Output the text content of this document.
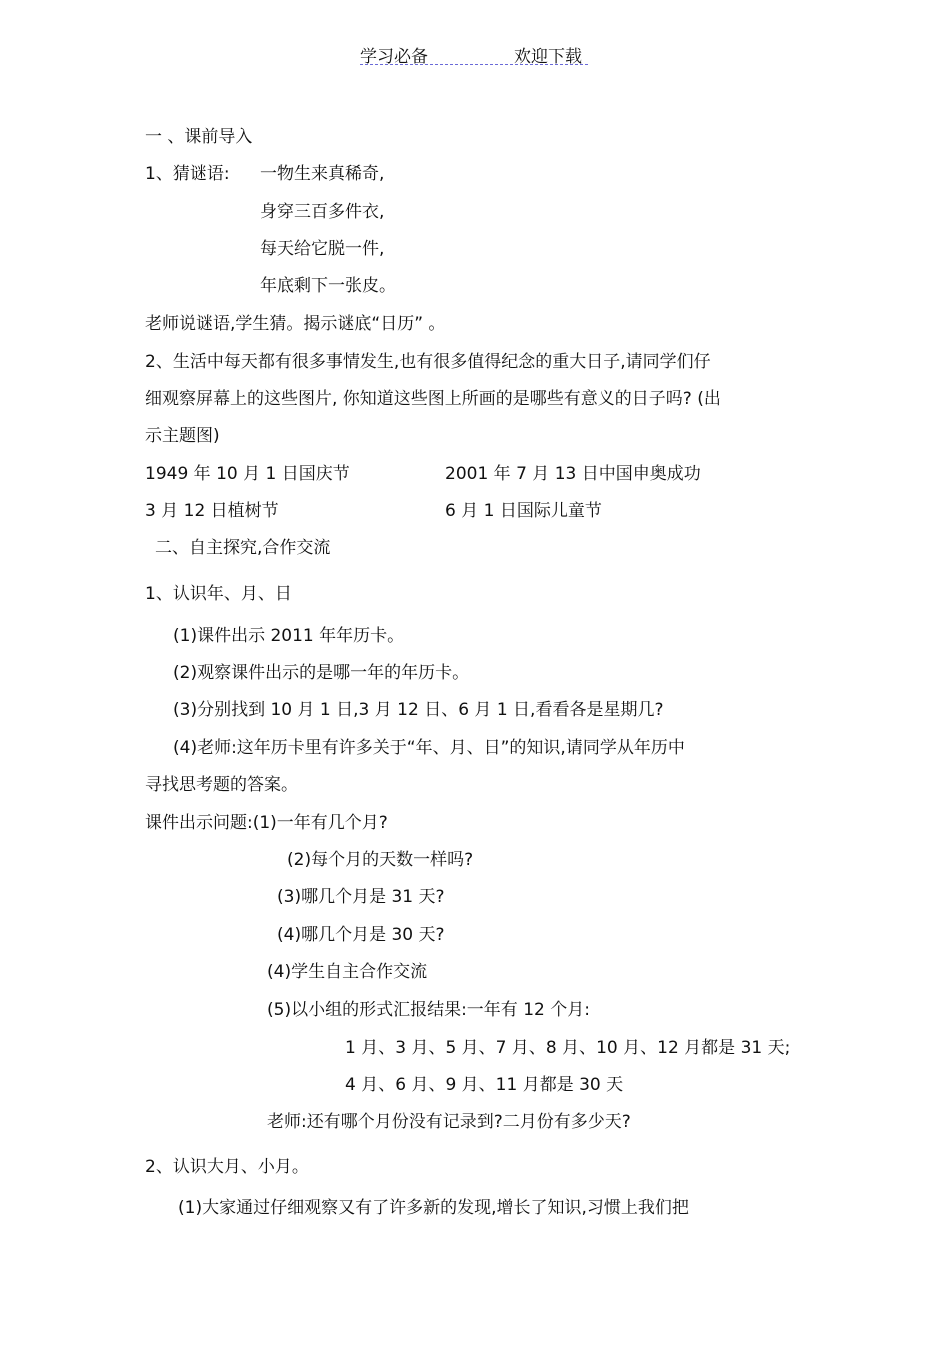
学习必备	欢迎下载
一 、课前导入
1、猜谜语: 一物生来真稀奇,
身穿三百多件衣,
每天给它脱一件,
年底剩下一张皮。
老师说谜语,学生猜。揭示谜底“日历” 。
2、生活中每天都有很多事情发生,也有很多值得纪念的重大日子,请同学们仔
细观察屏幕上的这些图片, 你知道这些图上所画的是哪些有意义的日子吗? (出
示主题图)
1949 年 10 月 1 日国庆节	2001 年 7 月 13 日中国申奥成功
3 月 12 日植树节	6 月 1 日国际儿童节
二、自主探究,合作交流
1、认识年、月、日
(1)课件出示 2011 年年历卡。
(2)观察课件出示的是哪一年的年历卡。
(3)分别找到 10 月 1 日,3 月 12 日、6 月 1 日,看看各是星期几?
(4)老师:这年历卡里有许多关于“年、月、日”的知识,请同学从年历中
寻找思考题的答案。
课件出示问题:(1)一年有几个月?
(2)每个月的天数一样吗?
(3)哪几个月是 31 天?
(4)哪几个月是 30 天?
(4)学生自主合作交流
(5)以小组的形式汇报结果:一年有 12 个月:
1 月、3 月、5 月、7 月、8 月、10 月、12 月都是 31 天;
4 月、6 月、9 月、11 月都是 30 天
老师:还有哪个月份没有记录到?二月份有多少天?
2、认识大月、小月。
(1)大家通过仔细观察又有了许多新的发现,增长了知识,习惯上我们把
